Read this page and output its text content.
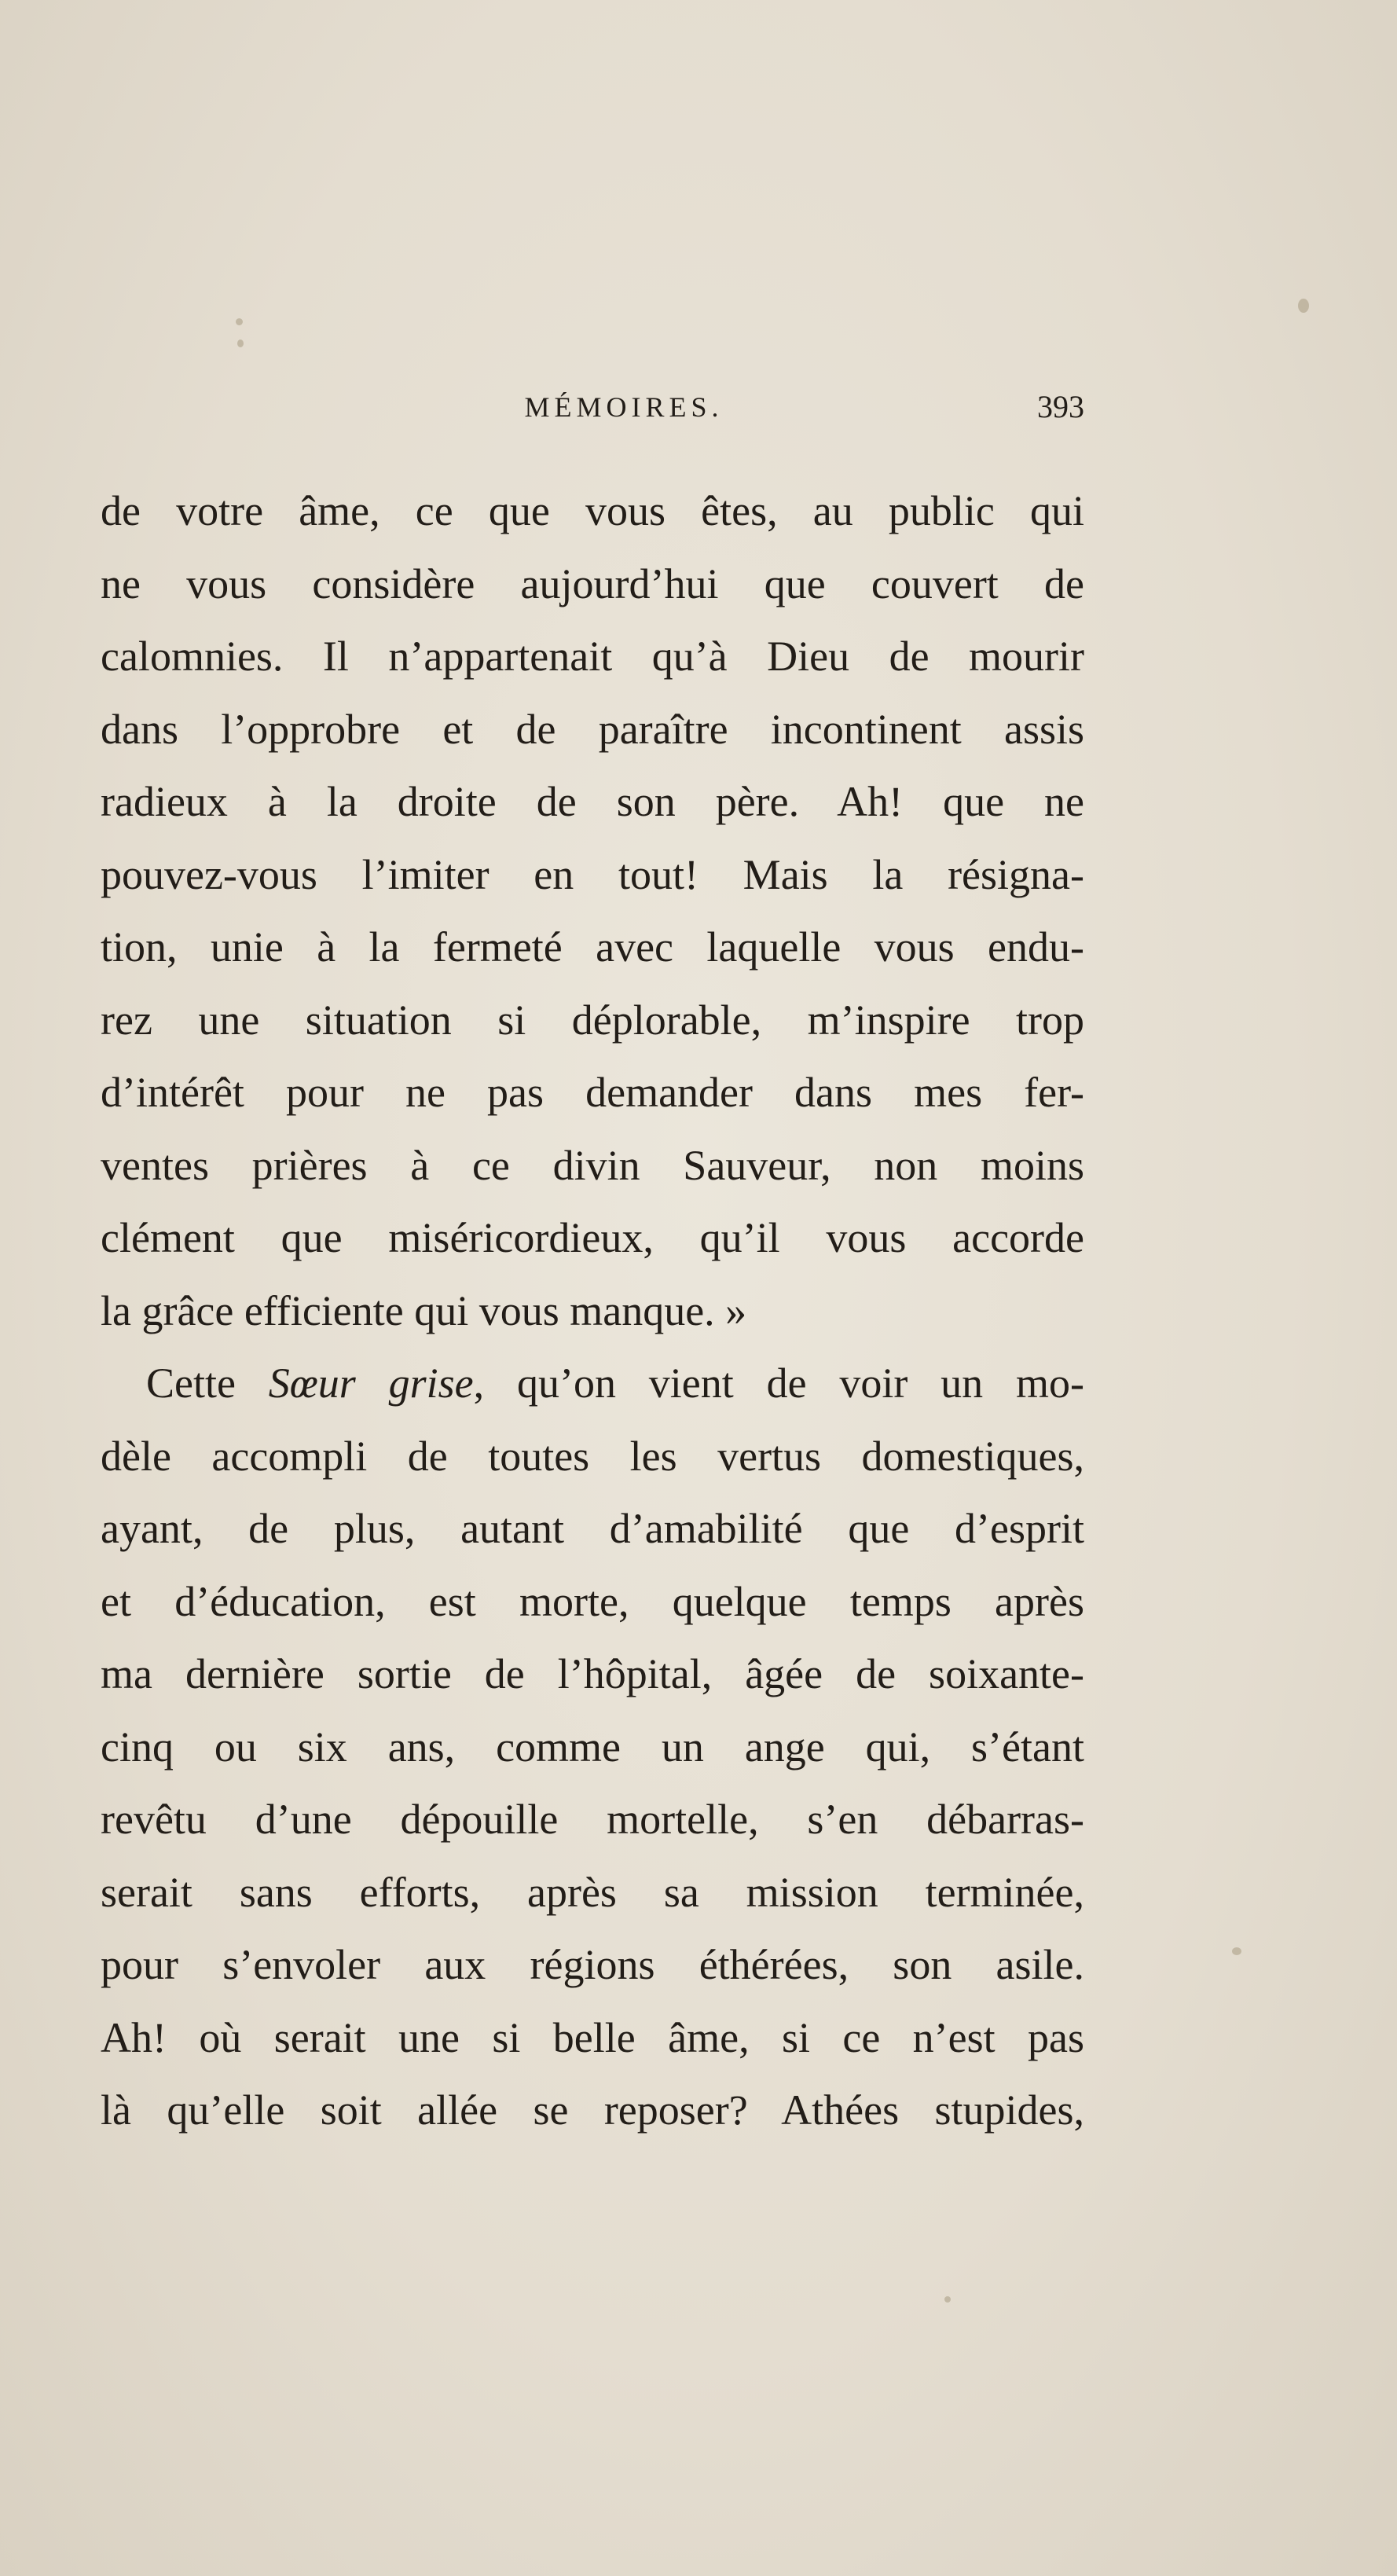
MÉMOIRES.	393
de votre âme, ce que vous êtes, au public qui
ne vous considère aujourd’hui que couvert de
calomnies. Il n’appartenait qu’à Dieu de mourir
dans l’opprobre et de paraître incontinent assis
radieux à la droite de son père. Ah! que ne
pouvez-vous l’imiter en tout! Mais la résigna-
tion, unie à la fermeté avec laquelle vous endu-
rez une situation si déplorable, m’inspire trop
d’intérêt pour ne pas demander dans mes fer-
ventes prières à ce divin Sauveur, non moins
clément que miséricordieux, qu’il vous accorde
la grâce efficiente qui vous manque. »
Cette Sœur grise, qu’on vient de voir un mo-
dèle accompli de toutes les vertus domestiques,
ayant, de plus, autant d’amabilité que d’esprit
et d’éducation, est morte, quelque temps après
ma dernière sortie de l’hôpital, âgée de soixante-
cinq ou six ans, comme un ange qui, s’étant
revêtu d’une dépouille mortelle, s’en débarras-
serait sans efforts, après sa mission terminée,
pour s’envoler aux régions éthérées, son asile.
Ah! où serait une si belle âme, si ce n’est pas
là qu’elle soit allée se reposer? Athées stupides,
